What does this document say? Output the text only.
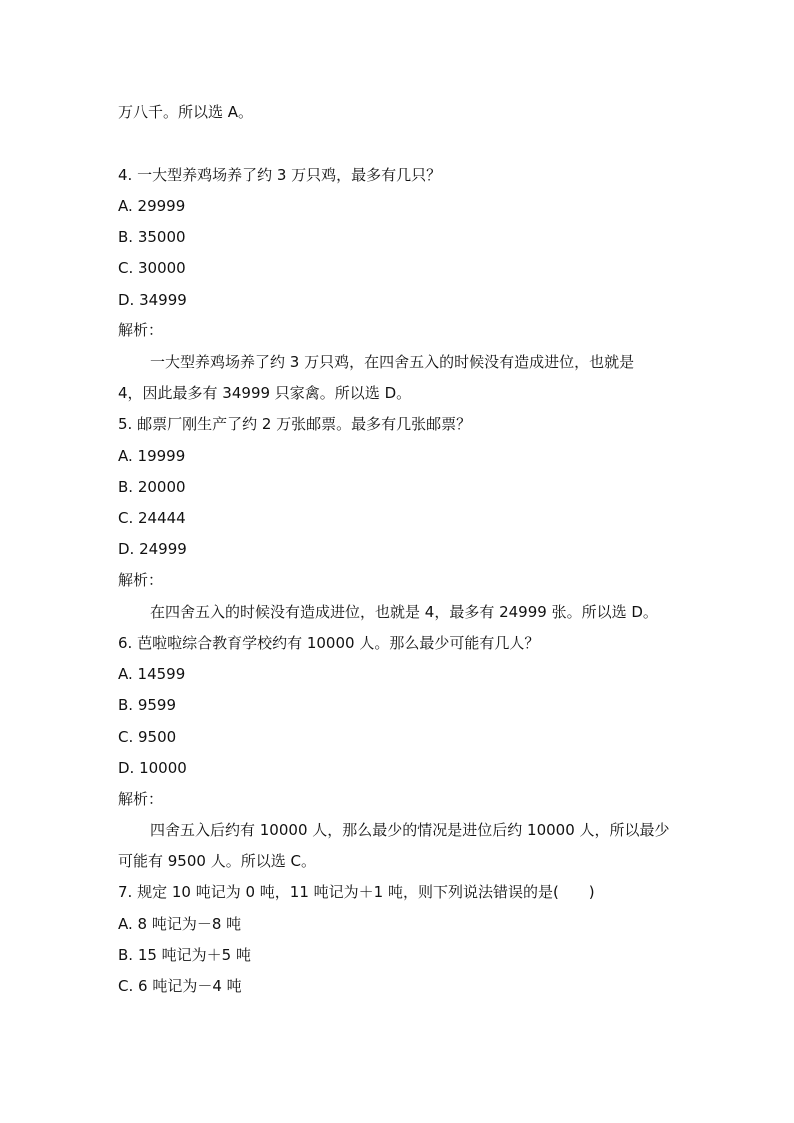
万八千。所以选 A。
4. 一大型养鸡场养了约 3 万只鸡，最多有几只？
A. 29999
B. 35000
C. 30000
D. 34999
解析：
一大型养鸡场养了约 3 万只鸡，在四舍五入的时候没有造成进位，也就是
4，因此最多有 34999 只家禽。所以选 D。
5. 邮票厂刚生产了约 2 万张邮票。最多有几张邮票？
A. 19999
B. 20000
C. 24444
D. 24999
解析：
在四舍五入的时候没有造成进位，也就是 4，最多有 24999 张。所以选 D。
6. 芭啦啦综合教育学校约有 10000 人。那么最少可能有几人？
A. 14599
B. 9599
C. 9500
D. 10000
解析：
四舍五入后约有 10000 人，那么最少的情况是进位后约 10000 人，所以最少
可能有 9500 人。所以选 C。
7. 规定 10 吨记为 0 吨，11 吨记为＋1 吨，则下列说法错误的是(　　)
A. 8 吨记为－8 吨
B. 15 吨记为＋5 吨
C. 6 吨记为－4 吨
